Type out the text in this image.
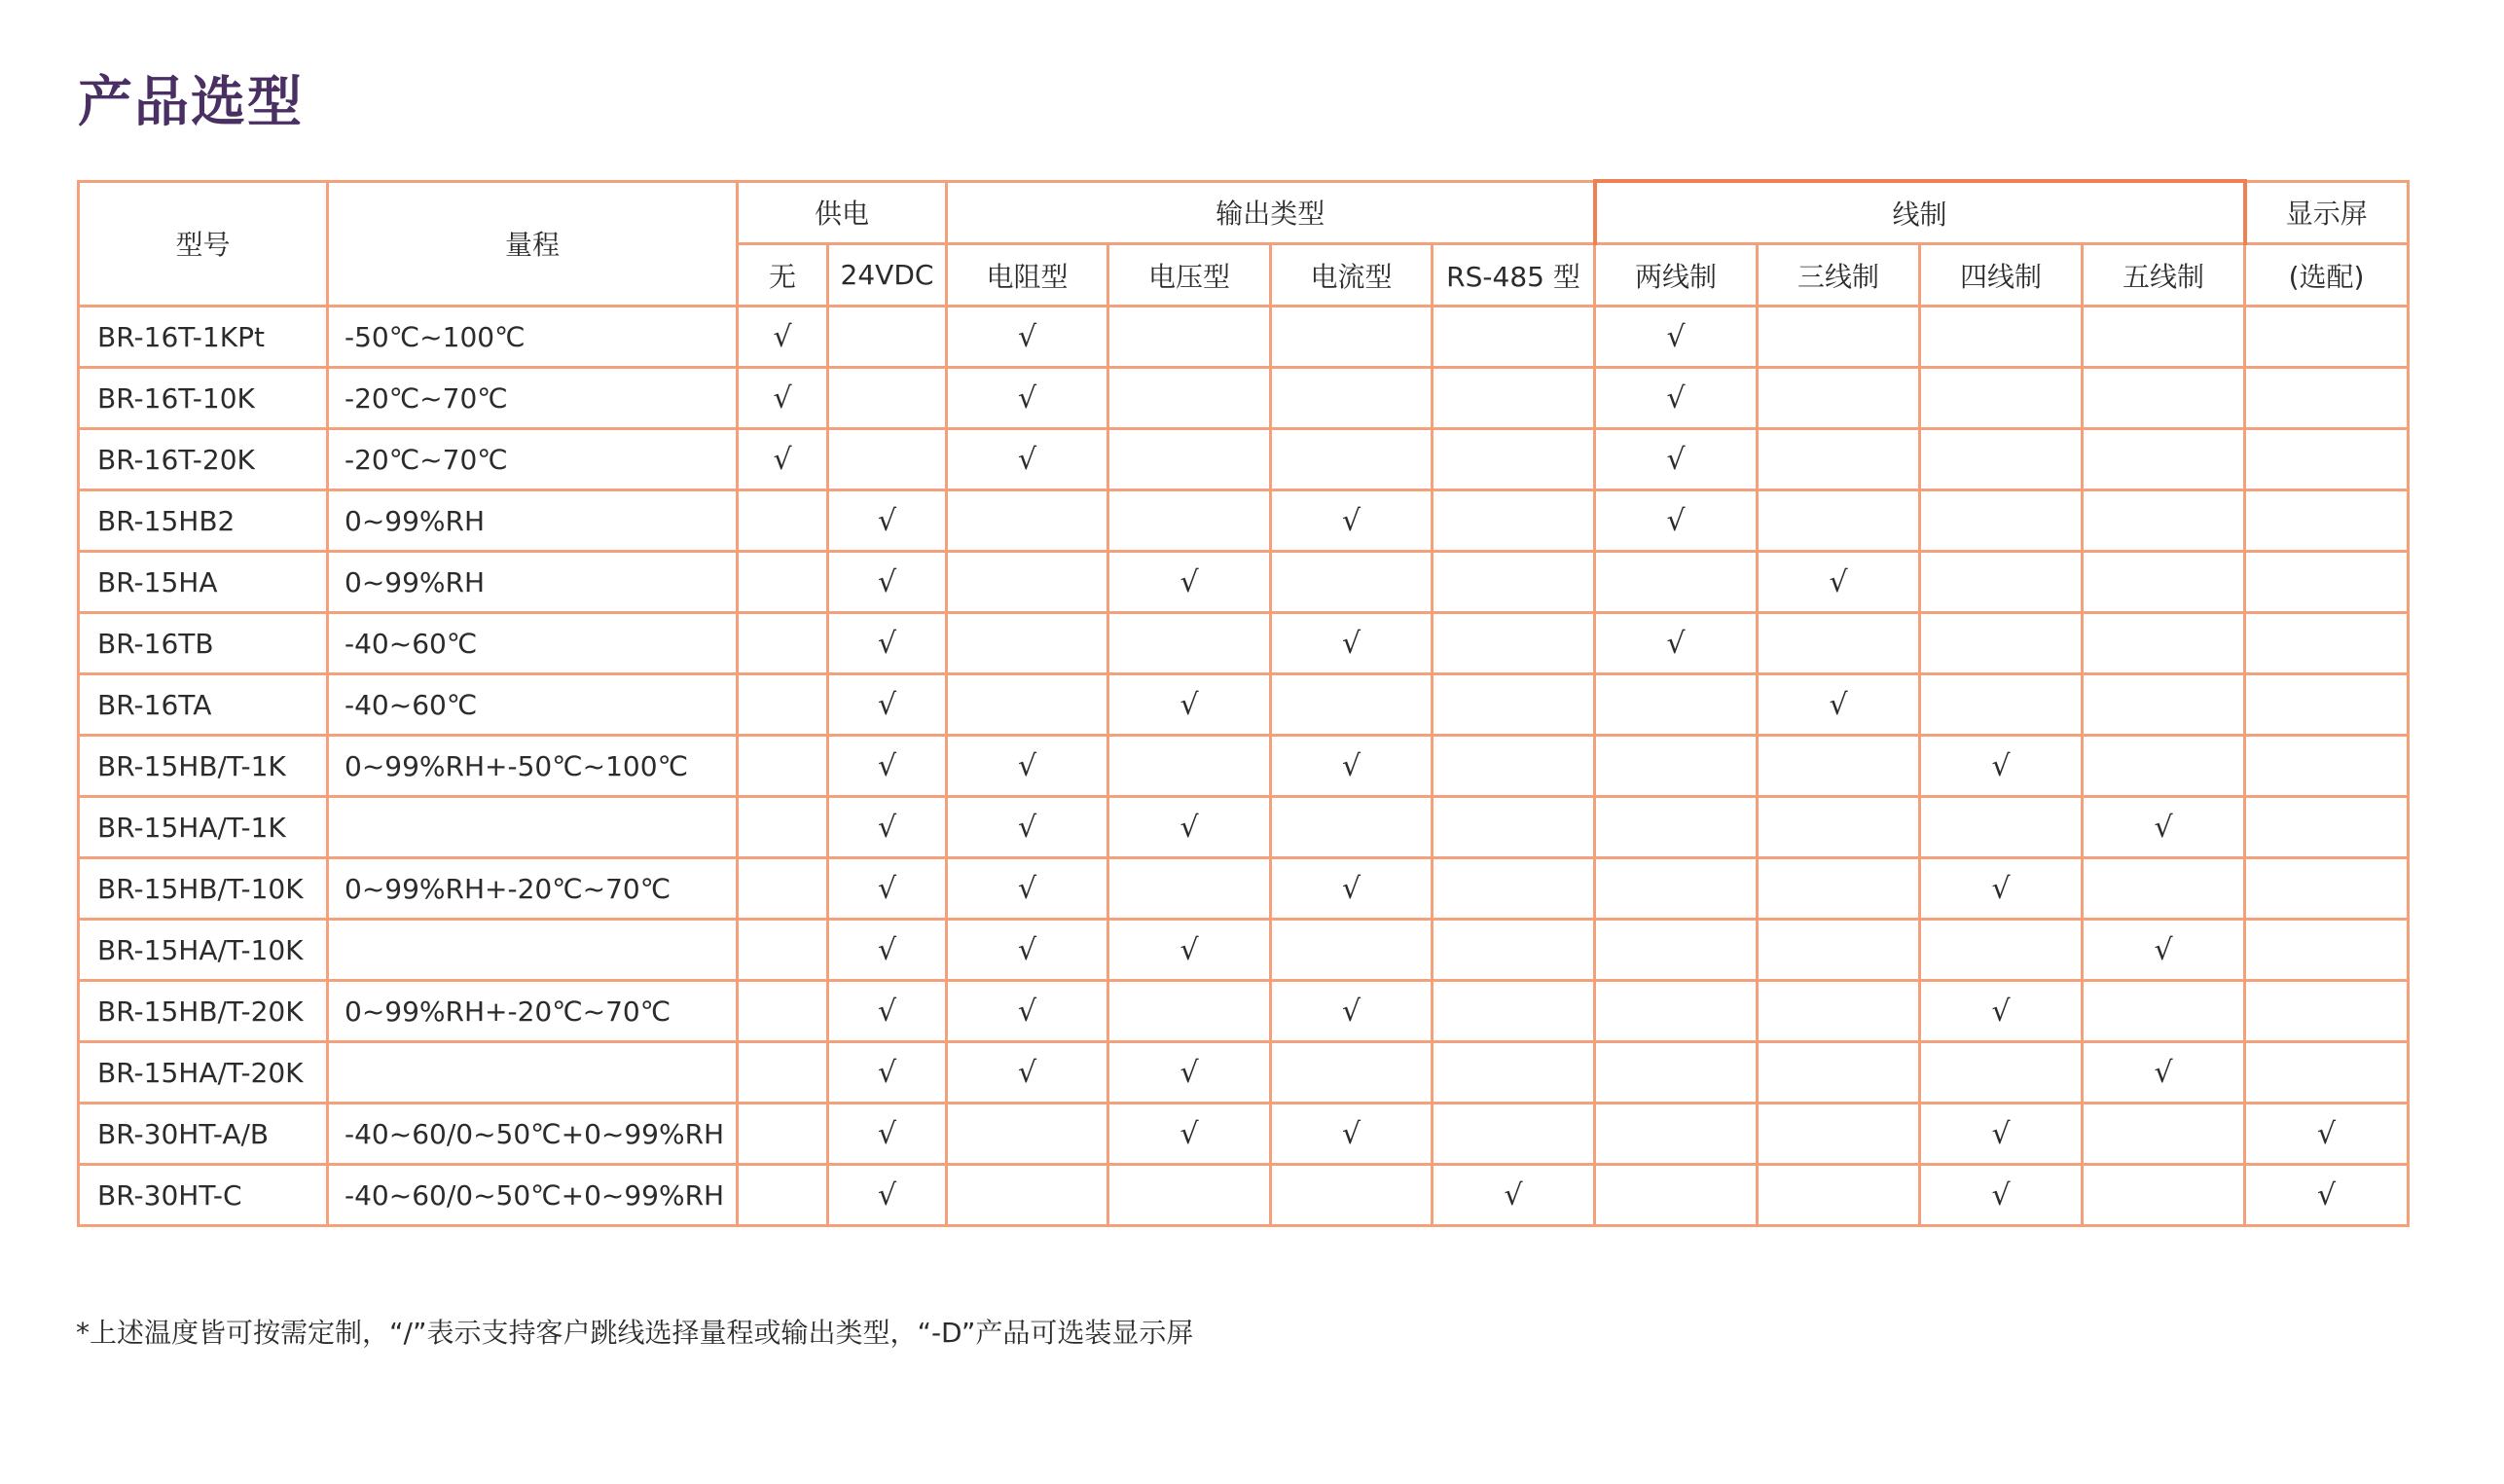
产品选型
型号	量程	供电		输出类型				线制				显示屏
		无	24VDC	电阻型	电压型	电流型	RS-485 型	两线制	三线制	四线制	五线制	(选配)
BR-16T-1KPt	-50℃~100℃	√		√				√				
BR-16T-10K	-20℃~70℃	√		√				√				
BR-16T-20K	-20℃~70℃	√		√				√				
BR-15HB2	0~99%RH		√			√		√				
BR-15HA	0~99%RH		√		√				√			
BR-16TB	-40~60℃		√			√		√				
BR-16TA	-40~60℃		√		√				√			
BR-15HB/T-1K	0~99%RH+-50℃~100℃		√	√		√				√		
BR-15HA/T-1K			√	√	√						√	
BR-15HB/T-10K	0~99%RH+-20℃~70℃		√	√		√				√		
BR-15HA/T-10K			√	√	√						√	
BR-15HB/T-20K	0~99%RH+-20℃~70℃		√	√		√				√		
BR-15HA/T-20K			√	√	√						√	
BR-30HT-A/B	-40~60/0~50℃+0~99%RH		√		√	√				√		√
BR-30HT-C	-40~60/0~50℃+0~99%RH		√				√			√		√

*上述温度皆可按需定制，“/”表示支持客户跳线选择量程或输出类型，“-D”产品可选装显示屏
